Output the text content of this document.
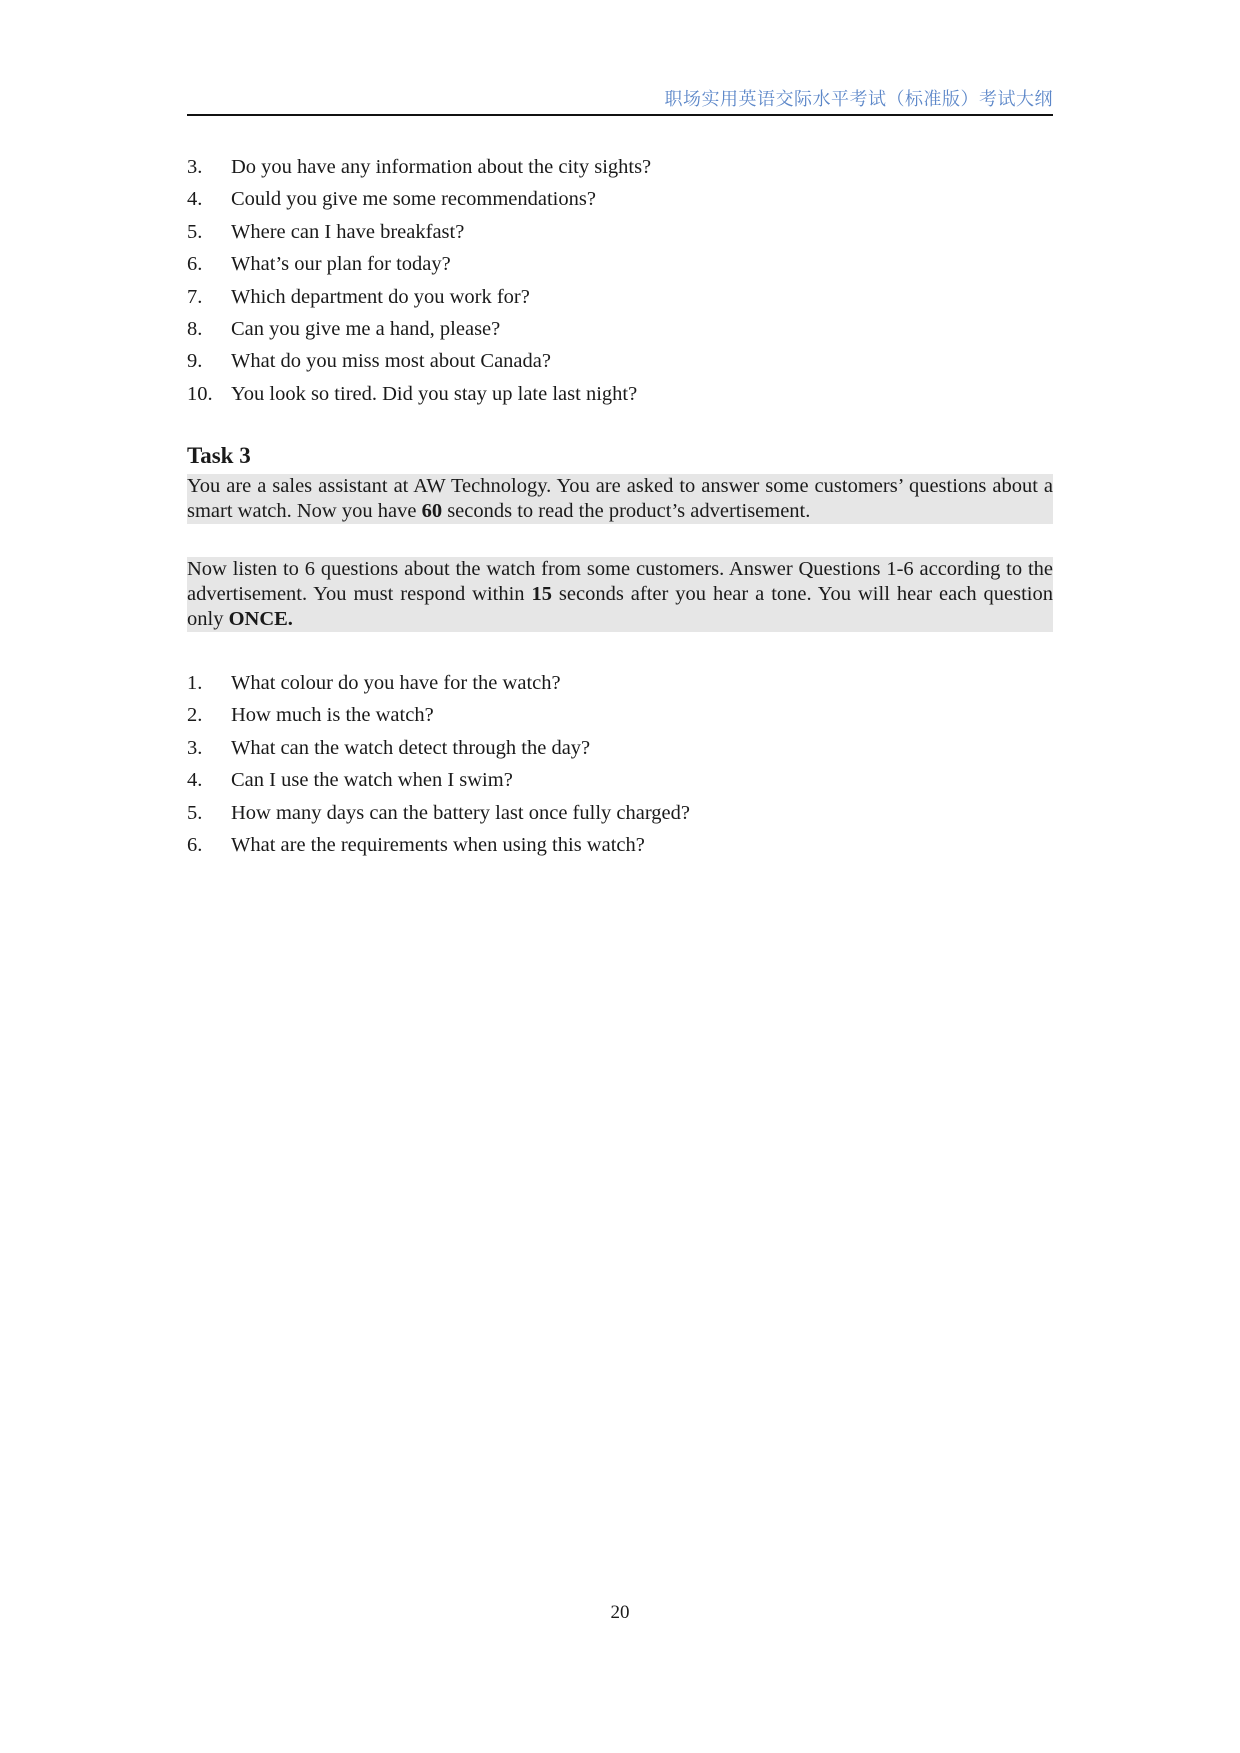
职场实用英语交际水平考试（标准版）考试大纲
3. Do you have any information about the city sights?
4. Could you give me some recommendations?
5. Where can I have breakfast?
6. What’s our plan for today?
7. Which department do you work for?
8. Can you give me a hand, please?
9. What do you miss most about Canada?
10. You look so tired. Did you stay up late last night?
Task 3
You are a sales assistant at AW Technology. You are asked to answer some customers’ questions about a smart watch. Now you have 60 seconds to read the product’s advertisement.
Now listen to 6 questions about the watch from some customers. Answer Questions 1-6 according to the advertisement. You must respond within 15 seconds after you hear a tone. You will hear each question only ONCE.
1. What colour do you have for the watch?
2. How much is the watch?
3. What can the watch detect through the day?
4. Can I use the watch when I swim?
5. How many days can the battery last once fully charged?
6. What are the requirements when using this watch?
20
